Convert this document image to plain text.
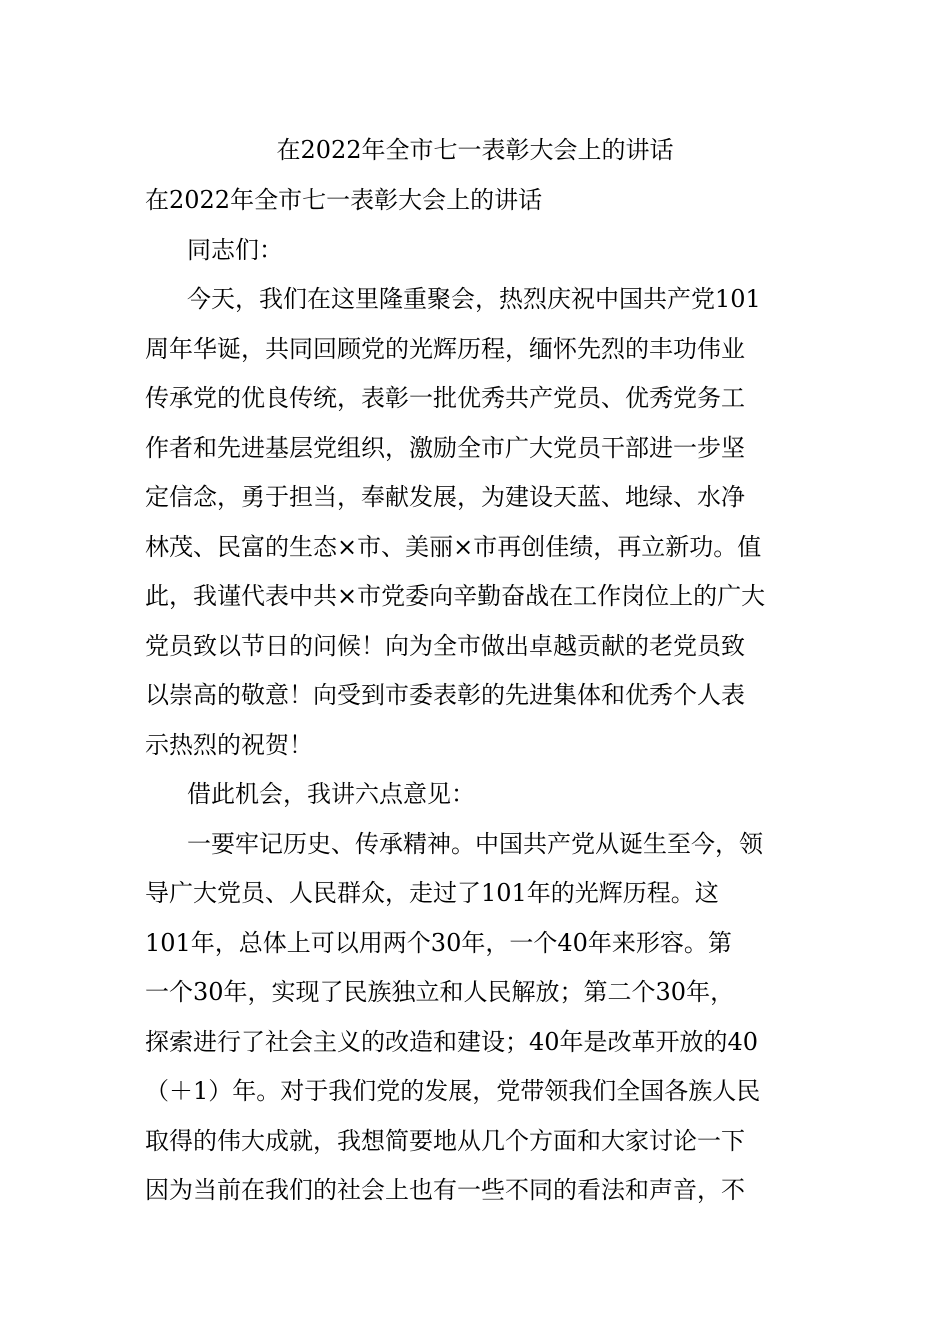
在2022年全市七一表彰大会上的讲话
在2022年全市七一表彰大会上的讲话
同志们：
今天，我们在这里隆重聚会，热烈庆祝中国共产党101
周年华诞，共同回顾党的光辉历程，缅怀先烈的丰功伟业
传承党的优良传统，表彰一批优秀共产党员、优秀党务工
作者和先进基层党组织，激励全市广大党员干部进一步坚
定信念，勇于担当，奉献发展，为建设天蓝、地绿、水净
林茂、民富的生态×市、美丽×市再创佳绩，再立新功。值
此，我谨代表中共×市党委向辛勤奋战在工作岗位上的广大
党员致以节日的问候！向为全市做出卓越贡献的老党员致
以崇高的敬意！向受到市委表彰的先进集体和优秀个人表
示热烈的祝贺！
借此机会，我讲六点意见：
一要牢记历史、传承精神。中国共产党从诞生至今，领
导广大党员、人民群众，走过了101年的光辉历程。这
101年，总体上可以用两个30年，一个40年来形容。第
一个30年，实现了民族独立和人民解放；第二个30年，
探索进行了社会主义的改造和建设；40年是改革开放的40
（＋1）年。对于我们党的发展，党带领我们全国各族人民
取得的伟大成就，我想简要地从几个方面和大家讨论一下
因为当前在我们的社会上也有一些不同的看法和声音，不
